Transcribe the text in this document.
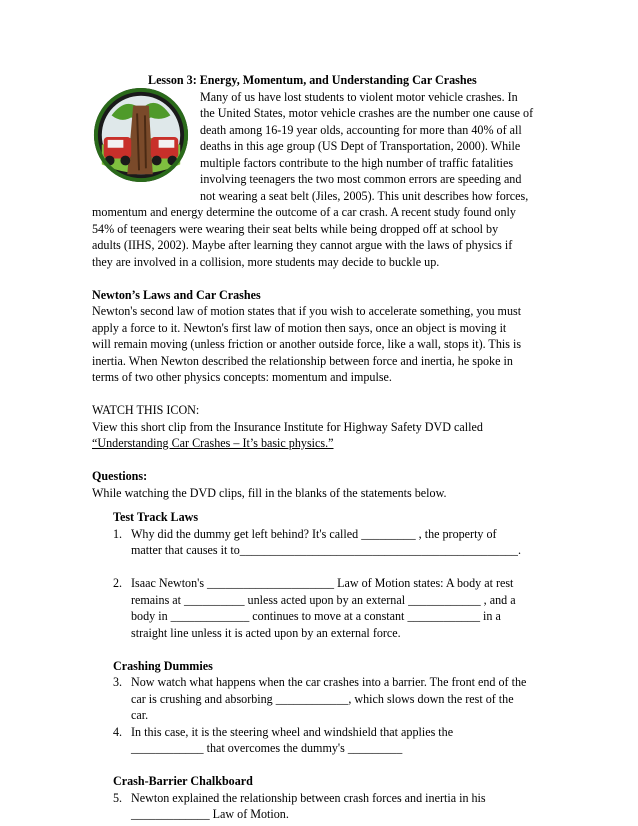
Lesson 3: Energy, Momentum, and Understanding Car Crashes
Many of us have lost students to violent motor vehicle crashes. In
the United States, motor vehicle crashes are the number one cause of
death among 16-19 year olds, accounting for more than 40% of all
deaths in this age group (US Dept of Transportation, 2000). While
multiple factors contribute to the high number of traffic fatalities
involving teenagers the two most common errors are speeding and
not wearing a seat belt (Jiles, 2005). This unit describes how forces,
momentum and energy determine the outcome of a car crash. A recent study found only
54% of teenagers were wearing their seat belts while being dropped off at school by
adults (IIHS, 2002). Maybe after learning they cannot argue with the laws of physics if
they are involved in a collision, more students may decide to buckle up.
Newton’s Laws and Car Crashes
Newton's second law of motion states that if you wish to accelerate something, you must
apply a force to it. Newton's first law of motion then says, once an object is moving it
will remain moving (unless friction or another outside force, like a wall, stops it). This is
inertia. When Newton described the relationship between force and inertia, he spoke in
terms of two other physics concepts: momentum and impulse.
WATCH THIS ICON:
View this short clip from the Insurance Institute for Highway Safety DVD called
“Understanding Car Crashes – It’s basic physics.”
Questions:
While watching the DVD clips, fill in the blanks of the statements below.
Test Track Laws
1. Why did the dummy get left behind? It's called _________ , the property of
matter that causes it to______________________________________________.
2. Isaac Newton's _____________________ Law of Motion states: A body at rest
remains at __________ unless acted upon by an external ____________ , and a
body in _____________ continues to move at a constant ____________ in a
straight line unless it is acted upon by an external force.
Crashing Dummies
3. Now watch what happens when the car crashes into a barrier. The front end of the
car is crushing and absorbing ____________, which slows down the rest of the
car.
4. In this case, it is the steering wheel and windshield that applies the
____________ that overcomes the dummy's _________
Crash-Barrier Chalkboard
5. Newton explained the relationship between crash forces and inertia in his
_____________ Law of Motion.
